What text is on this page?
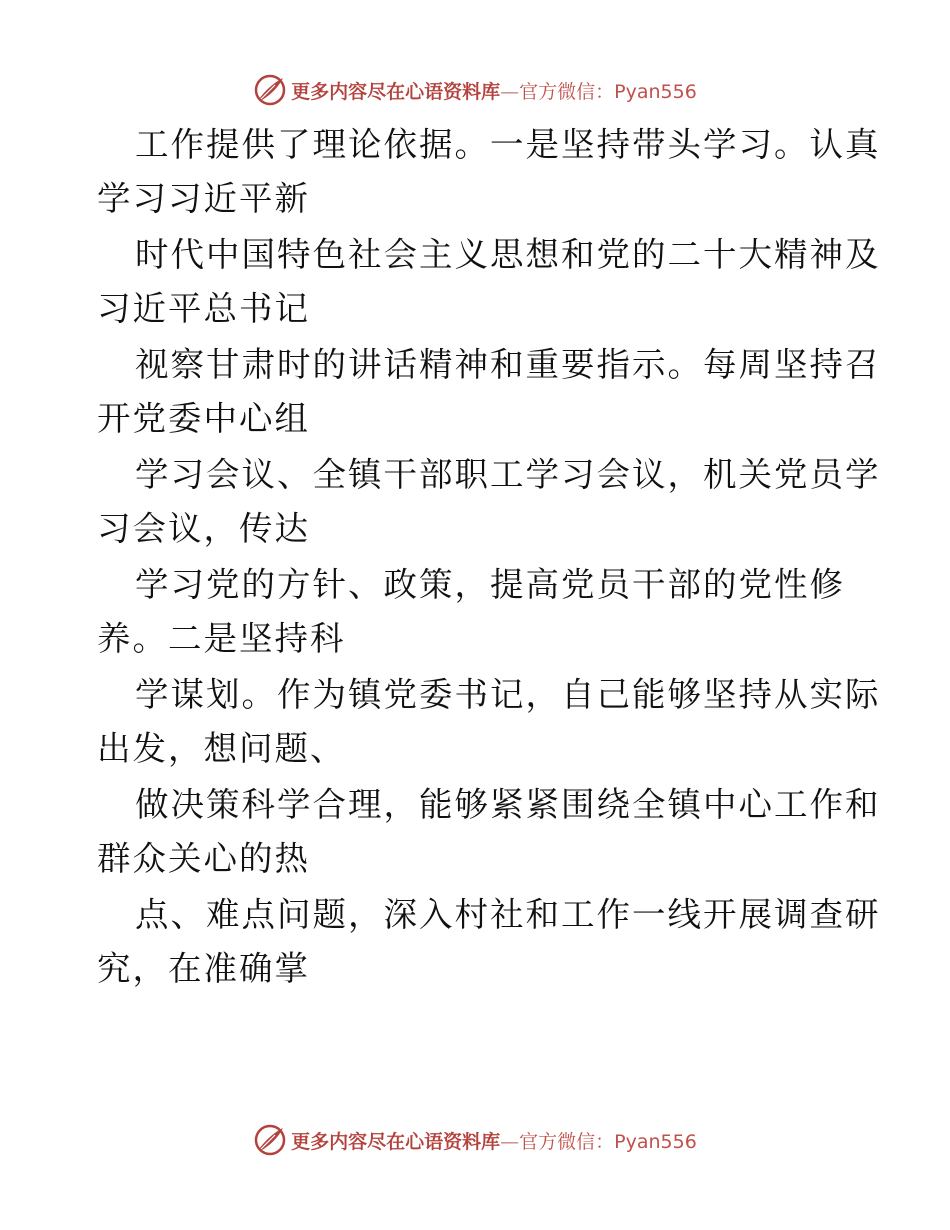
更多内容尽在心语资料库—官方微信：Pyan556

工作提供了理论依据。一是坚持带头学习。认真
学习习近平新

时代中国特色社会主义思想和党的二十大精神及
习近平总书记

视察甘肃时的讲话精神和重要指示。每周坚持召
开党委中心组

学习会议、全镇干部职工学习会议，机关党员学
习会议，传达

学习党的方针、政策，提高党员干部的党性修
养。二是坚持科

学谋划。作为镇党委书记，自己能够坚持从实际
出发，想问题、

做决策科学合理，能够紧紧围绕全镇中心工作和
群众关心的热

点、难点问题，深入村社和工作一线开展调查研
究，在准确掌

更多内容尽在心语资料库—官方微信：Pyan556
